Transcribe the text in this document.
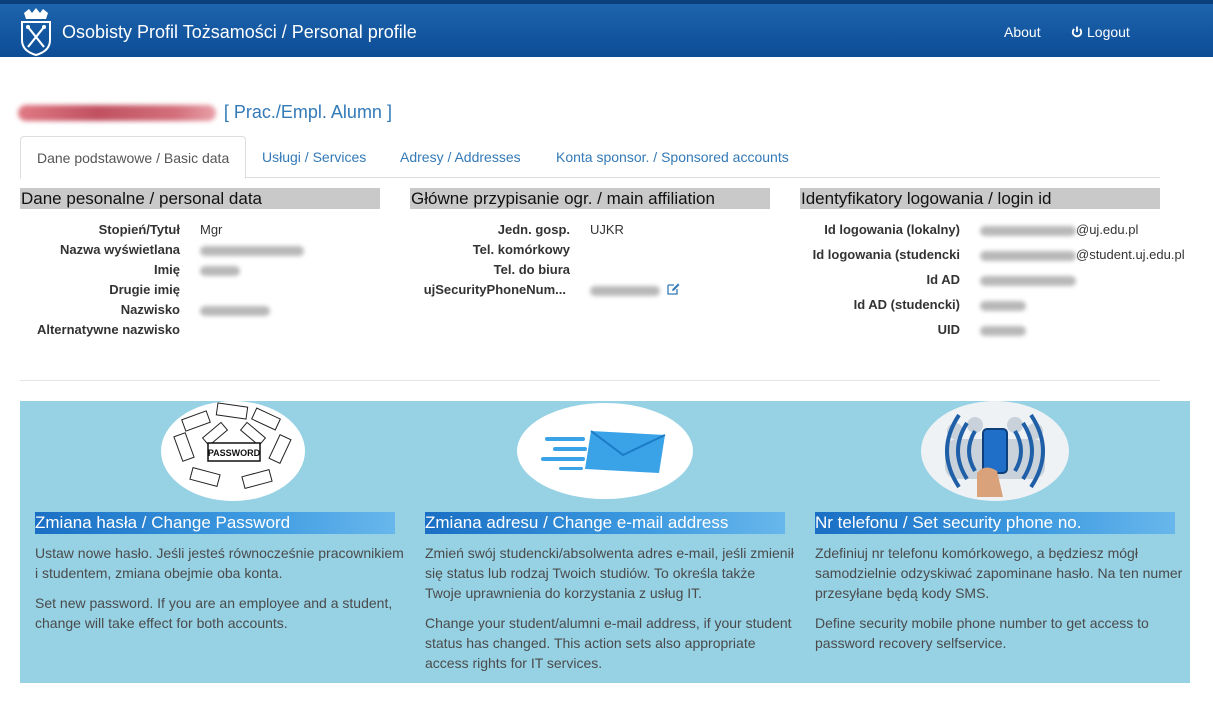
Osobisty Profil Tożsamości / Personal profile	About	Logout
[ Prac./Empl. Alumn ]
Dane podstawowe / Basic data	Usługi / Services	Adresy / Addresses	Konta sponsor. / Sponsored accounts
Dane pesonalne / personal data
Stopień/Tytuł Mgr
Nazwa wyświetlana
Imię
Drugie imię
Nazwisko
Alternatywne nazwisko
Główne przypisanie ogr. / main affiliation
Jedn. gosp. UJKR
Tel. komórkowy
Tel. do biura
ujSecurityPhoneNum...

Identyfikatory logowania / login id
Id logowania (lokalny)	@uj.edu.pl
Id logowania (studencki	@student.uj.edu.pl
Id AD
Id AD (studencki)
UID
PASSWORD
Zmiana hasła / Change Password

Ustaw nowe hasło. Jeśli jesteś równocześnie pracownikiem i studentem, zmiana obejmie oba konta.

Set new password. If you are an employee and a student, change will take effect for both accounts.

Zmiana adresu / Change e-mail address

Zmień swój studencki/absolwenta adres e-mail, jeśli zmienił się status lub rodzaj Twoich studiów. To określa także Twoje uprawnienia do korzystania z usług IT.

Change your student/alumni e-mail address, if your student status has changed. This action sets also appropriate access rights for IT services.

Nr telefonu / Set security phone no.

Zdefiniuj nr telefonu komórkowego, a będziesz mógł samodzielnie odzyskiwać zapominane hasło. Na ten numer przesyłane będą kody SMS.

Define security mobile phone number to get access to password recovery selfservice.
